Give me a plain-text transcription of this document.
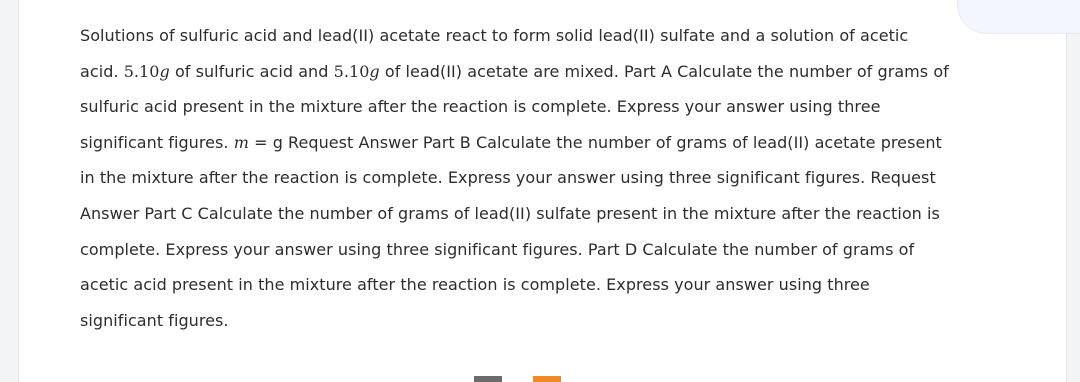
Solutions of sulfuric acid and lead(II) acetate react to form solid lead(II) sulfate and a solution of acetic acid. 5.10g of sulfuric acid and 5.10g of lead(II) acetate are mixed. Part A Calculate the number of grams of sulfuric acid present in the mixture after the reaction is complete. Express your answer using three significant figures. m = g Request Answer Part B Calculate the number of grams of lead(II) acetate present in the mixture after the reaction is complete. Express your answer using three significant figures. Request Answer Part C Calculate the number of grams of lead(II) sulfate present in the mixture after the reaction is complete. Express your answer using three significant figures. Part D Calculate the number of grams of acetic acid present in the mixture after the reaction is complete. Express your answer using three significant figures.
